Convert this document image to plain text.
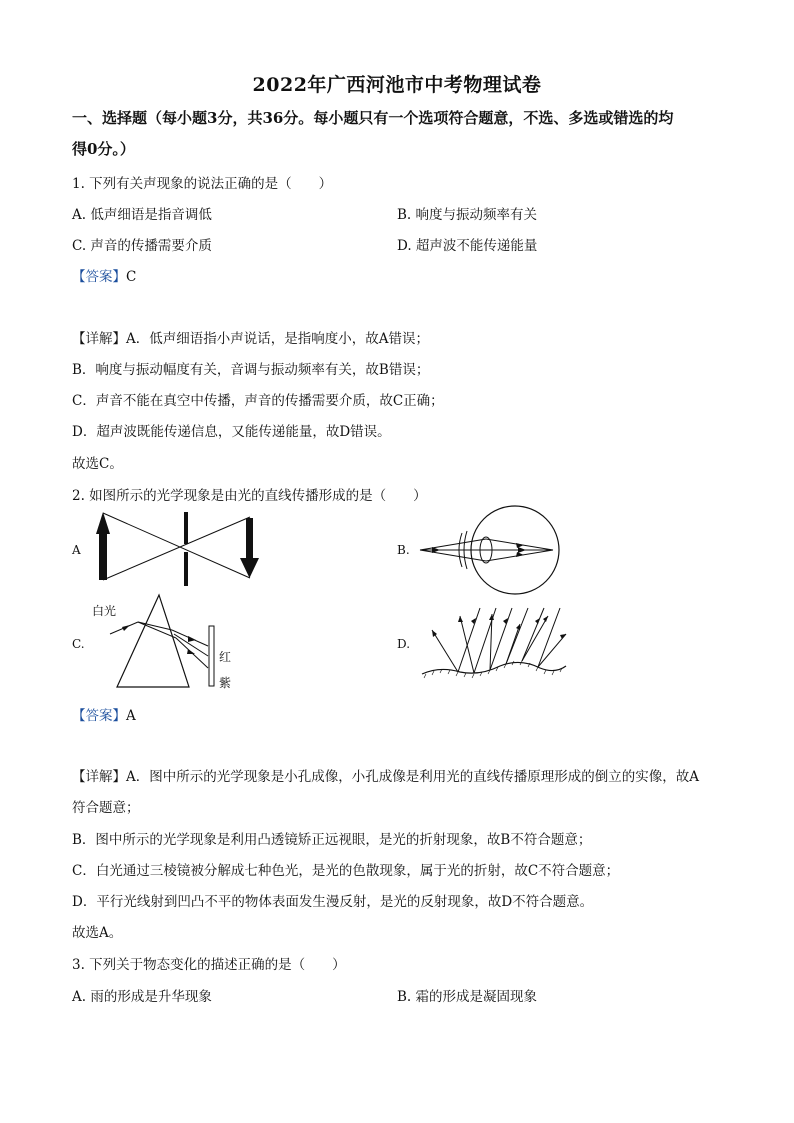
2022年广西河池市中考物理试卷
一、选择题（每小题3分，共36分。每小题只有一个选项符合题意，不选、多选或错选的均
得0分。）
1. 下列有关声现象的说法正确的是（　　）
A. 低声细语是指音调低	B. 响度与振动频率有关
C. 声音的传播需要介质	D. 超声波不能传递能量
【答案】C
【详解】A．低声细语指小声说话，是指响度小，故A错误；
B．响度与振动幅度有关，音调与振动频率有关，故B错误；
C．声音不能在真空中传播，声音的传播需要介质，故C正确；
D．超声波既能传递信息，又能传递能量，故D错误。
故选C。
2. 如图所示的光学现象是由光的直线传播形成的是（　　）
A	B.
C.
白光
红
紫
D.
【答案】A
【详解】A．图中所示的光学现象是小孔成像，小孔成像是利用光的直线传播原理形成的倒立的实像，故A
符合题意；
B．图中所示的光学现象是利用凸透镜矫正远视眼，是光的折射现象，故B不符合题意；
C．白光通过三棱镜被分解成七种色光，是光的色散现象，属于光的折射，故C不符合题意；
D．平行光线射到凹凸不平的物体表面发生漫反射，是光的反射现象，故D不符合题意。
故选A。
3. 下列关于物态变化的描述正确的是（　　）
A. 雨的形成是升华现象	B. 霜的形成是凝固现象
